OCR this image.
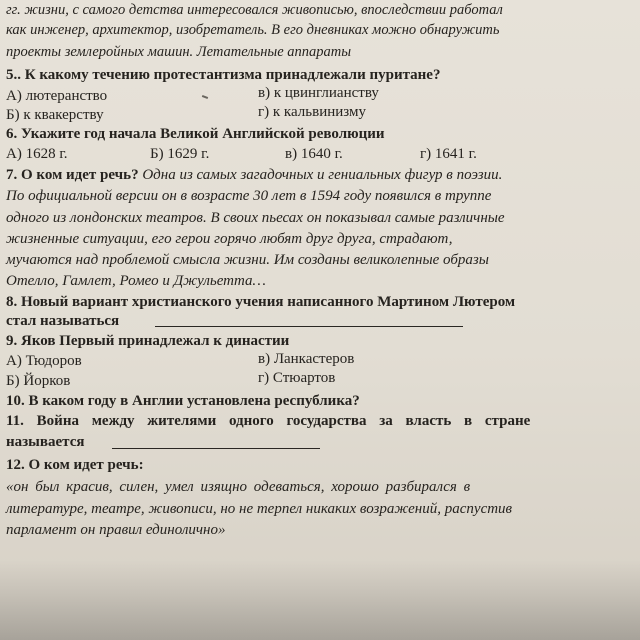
гг. жизни, с самого детства интересовался живописью, впоследствии работал
как инженер, архитектор, изобретатель. В его дневниках можно обнаружить
проекты землеройных машин. Летательные аппараты
5.. К какому течению протестантизма принадлежали пуритане?
А) лютеранство	в) к цвинглианству
Б) к квакерству	г) к кальвинизму
6. Укажите год начала Великой Английской революции
А) 1628 г.	Б) 1629 г.	в) 1640 г.	г) 1641 г.
7. О ком идет речь? Одна из самых загадочных и гениальных фигур в поэзии.
По официальной версии он в возрасте 30 лет в 1594 году появился в труппе
одного из лондонских театров. В своих пьесах он показывал самые различные
жизненные ситуации, его герои горячо любят друг друга, страдают,
мучаются над проблемой смысла жизни. Им созданы великолепные образы
Отелло, Гамлет, Ромео и Джульетта…
8. Новый вариант христианского учения написанного Мартином Лютером
стал называться
9. Яков Первый принадлежал к династии
А) Тюдоров	в) Ланкастеров
Б) Йорков	г) Стюартов
10. В каком году в Англии установлена республика?
11. Война между жителями одного государства за власть в стране
называется
12. О ком идет речь:
«он был красив, силен, умел изящно одеваться, хорошо разбирался в
литературе, театре, живописи, но не терпел никаких возражений, распустив
парламент он правил единолично»
